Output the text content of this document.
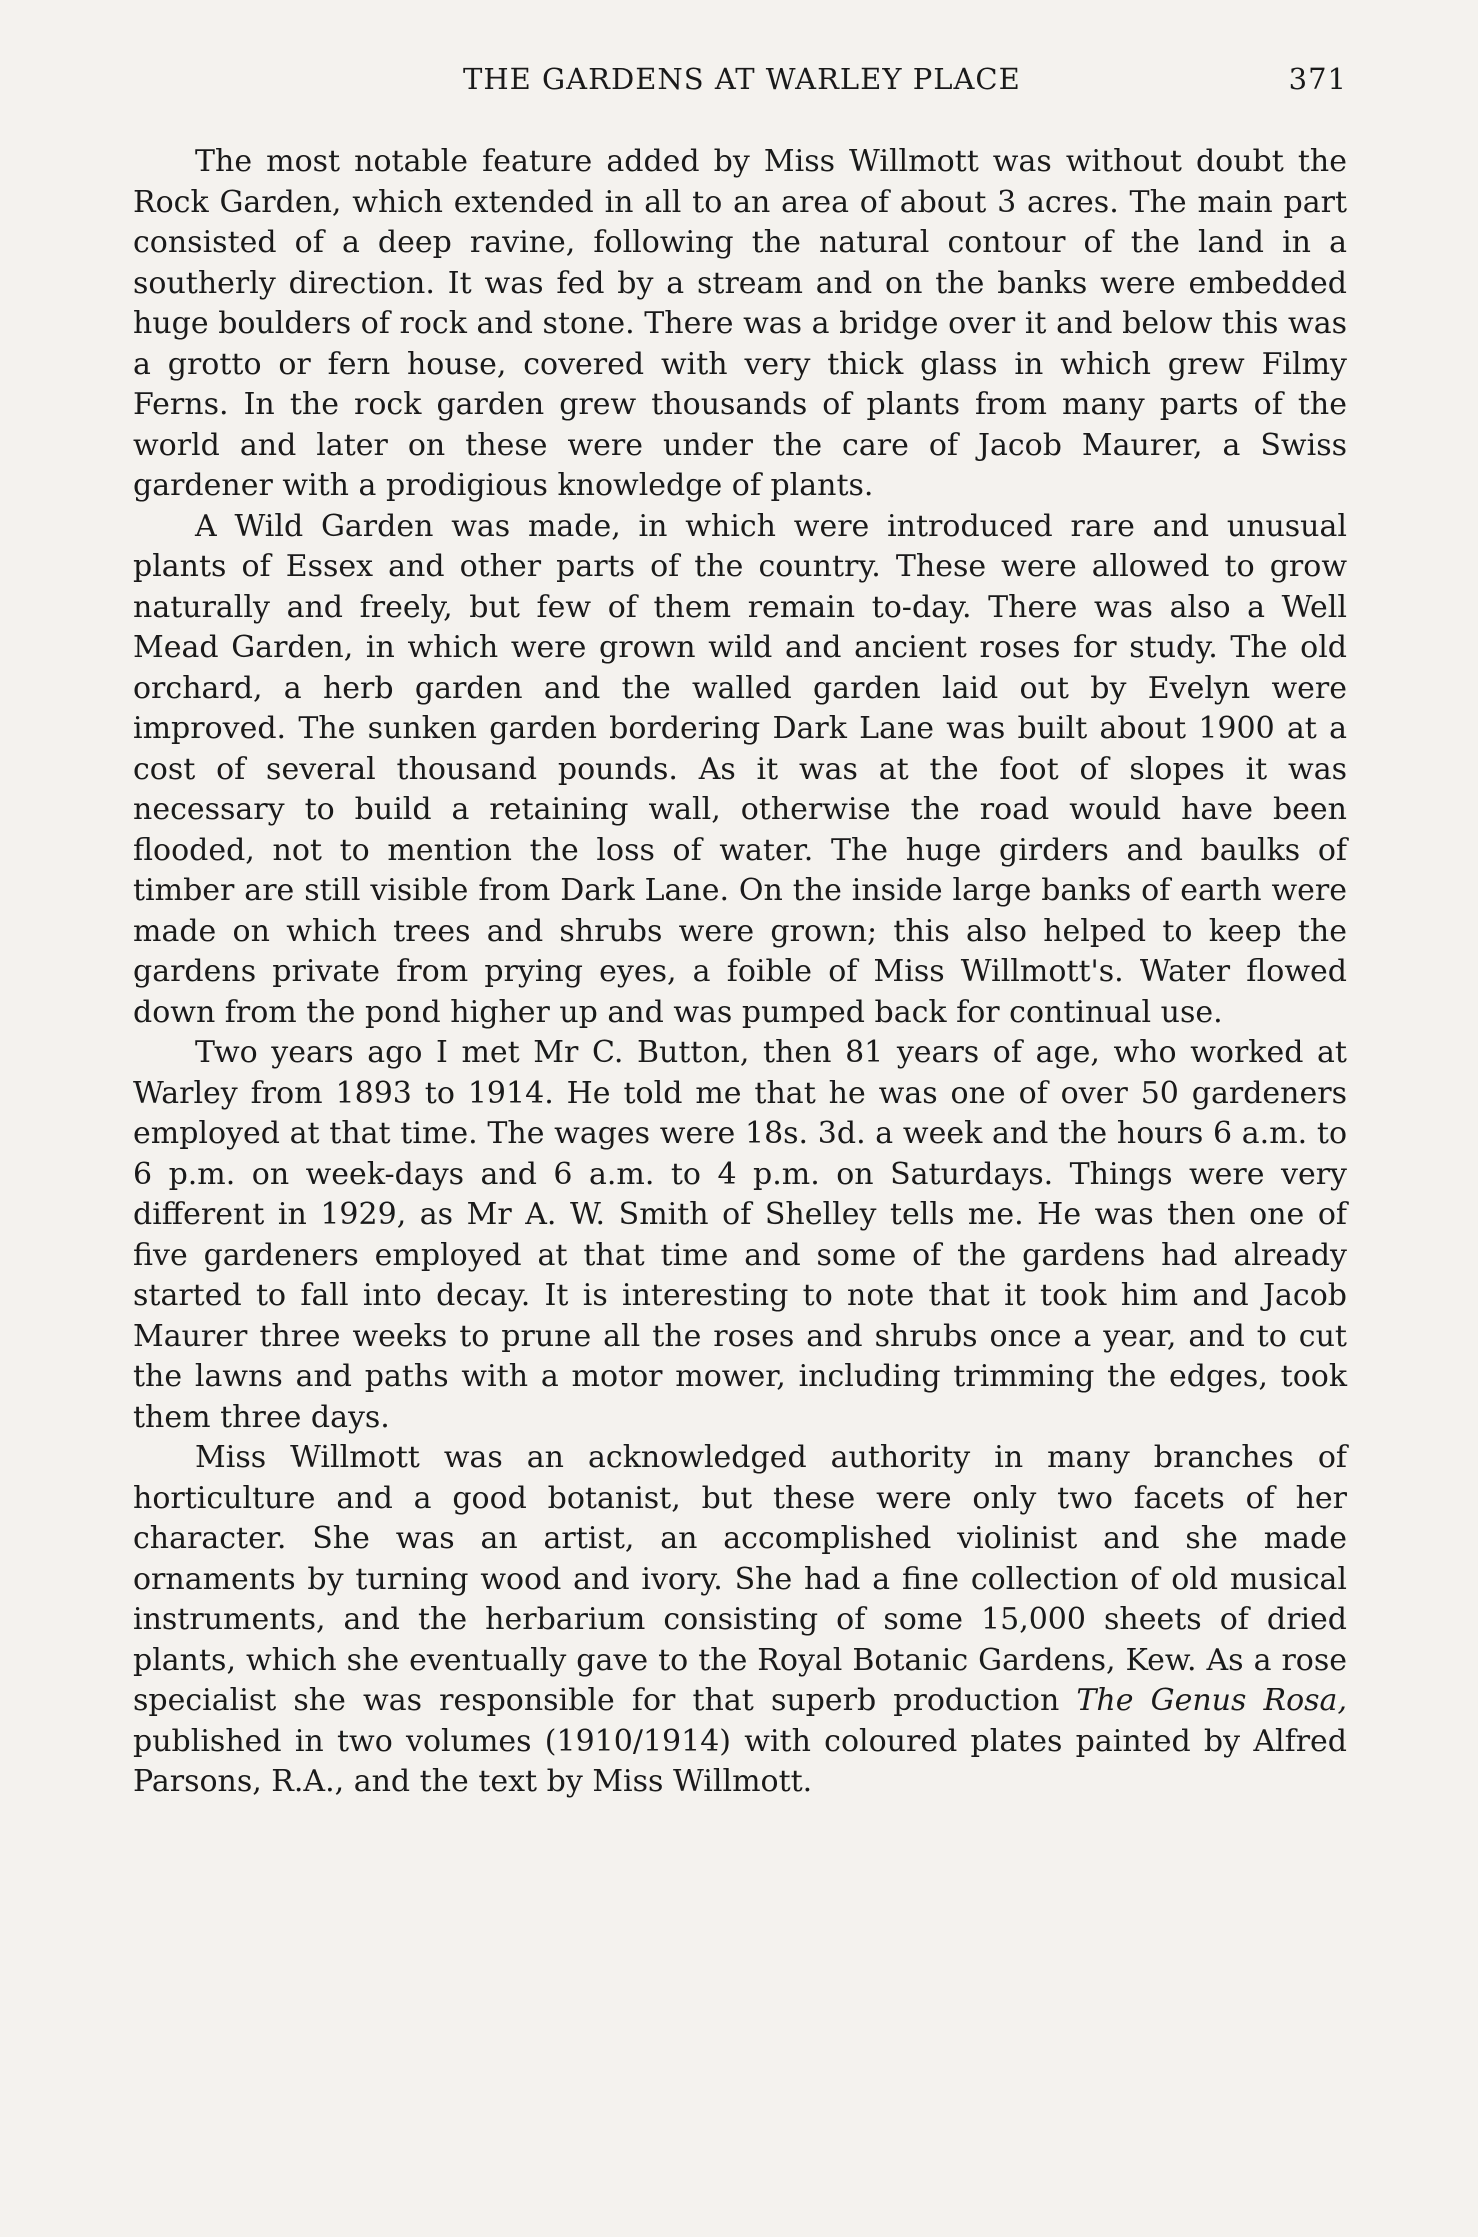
THE GARDENS AT WARLEY PLACE	371

The most notable feature added by Miss Willmott was without doubt the Rock Garden, which extended in all to an area of about 3 acres. The main part consisted of a deep ravine, following the natural contour of the land in a southerly direction. It was fed by a stream and on the banks were embedded huge boulders of rock and stone. There was a bridge over it and below this was a grotto or fern house, covered with very thick glass in which grew Filmy Ferns. In the rock garden grew thousands of plants from many parts of the world and later on these were under the care of Jacob Maurer, a Swiss gardener with a prodigious knowledge of plants.

A Wild Garden was made, in which were introduced rare and unusual plants of Essex and other parts of the country. These were allowed to grow naturally and freely, but few of them remain to-day. There was also a Well Mead Garden, in which were grown wild and ancient roses for study. The old orchard, a herb garden and the walled garden laid out by Evelyn were improved. The sunken garden bordering Dark Lane was built about 1900 at a cost of several thousand pounds. As it was at the foot of slopes it was necessary to build a retaining wall, otherwise the road would have been flooded, not to mention the loss of water. The huge girders and baulks of timber are still visible from Dark Lane. On the inside large banks of earth were made on which trees and shrubs were grown; this also helped to keep the gardens private from prying eyes, a foible of Miss Willmott's. Water flowed down from the pond higher up and was pumped back for continual use.

Two years ago I met Mr C. Button, then 81 years of age, who worked at Warley from 1893 to 1914. He told me that he was one of over 50 gardeners employed at that time. The wages were 18s. 3d. a week and the hours 6 a.m. to 6 p.m. on week-days and 6 a.m. to 4 p.m. on Saturdays. Things were very different in 1929, as Mr A. W. Smith of Shelley tells me. He was then one of five gardeners employed at that time and some of the gardens had already started to fall into decay. It is interesting to note that it took him and Jacob Maurer three weeks to prune all the roses and shrubs once a year, and to cut the lawns and paths with a motor mower, including trimming the edges, took them three days.

Miss Willmott was an acknowledged authority in many branches of horticulture and a good botanist, but these were only two facets of her character. She was an artist, an accomplished violinist and she made ornaments by turning wood and ivory. She had a fine collection of old musical instruments, and the herbarium consisting of some 15,000 sheets of dried plants, which she eventually gave to the Royal Botanic Gardens, Kew. As a rose specialist she was responsible for that superb production The Genus Rosa, published in two volumes (1910/1914) with coloured plates painted by Alfred Parsons, R.A., and the text by Miss Willmott.
